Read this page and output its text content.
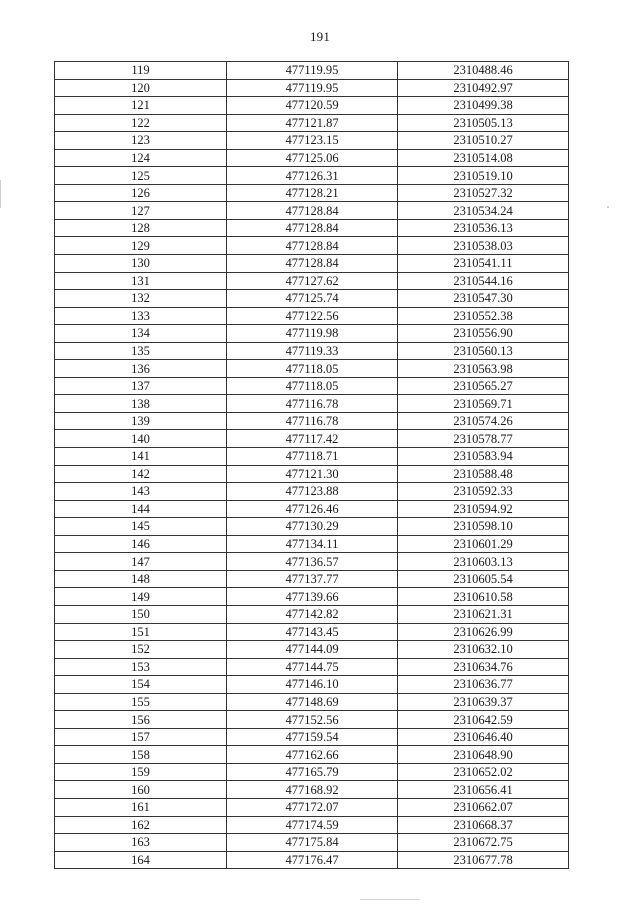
191
119	477119.95	2310488.46
120	477119.95	2310492.97
121	477120.59	2310499.38
122	477121.87	2310505.13
123	477123.15	2310510.27
124	477125.06	2310514.08
125	477126.31	2310519.10
126	477128.21	2310527.32
127	477128.84	2310534.24
128	477128.84	2310536.13
129	477128.84	2310538.03
130	477128.84	2310541.11
131	477127.62	2310544.16
132	477125.74	2310547.30
133	477122.56	2310552.38
134	477119.98	2310556.90
135	477119.33	2310560.13
136	477118.05	2310563.98
137	477118.05	2310565.27
138	477116.78	2310569.71
139	477116.78	2310574.26
140	477117.42	2310578.77
141	477118.71	2310583.94
142	477121.30	2310588.48
143	477123.88	2310592.33
144	477126.46	2310594.92
145	477130.29	2310598.10
146	477134.11	2310601.29
147	477136.57	2310603.13
148	477137.77	2310605.54
149	477139.66	2310610.58
150	477142.82	2310621.31
151	477143.45	2310626.99
152	477144.09	2310632.10
153	477144.75	2310634.76
154	477146.10	2310636.77
155	477148.69	2310639.37
156	477152.56	2310642.59
157	477159.54	2310646.40
158	477162.66	2310648.90
159	477165.79	2310652.02
160	477168.92	2310656.41
161	477172.07	2310662.07
162	477174.59	2310668.37
163	477175.84	2310672.75
164	477176.47	2310677.78
